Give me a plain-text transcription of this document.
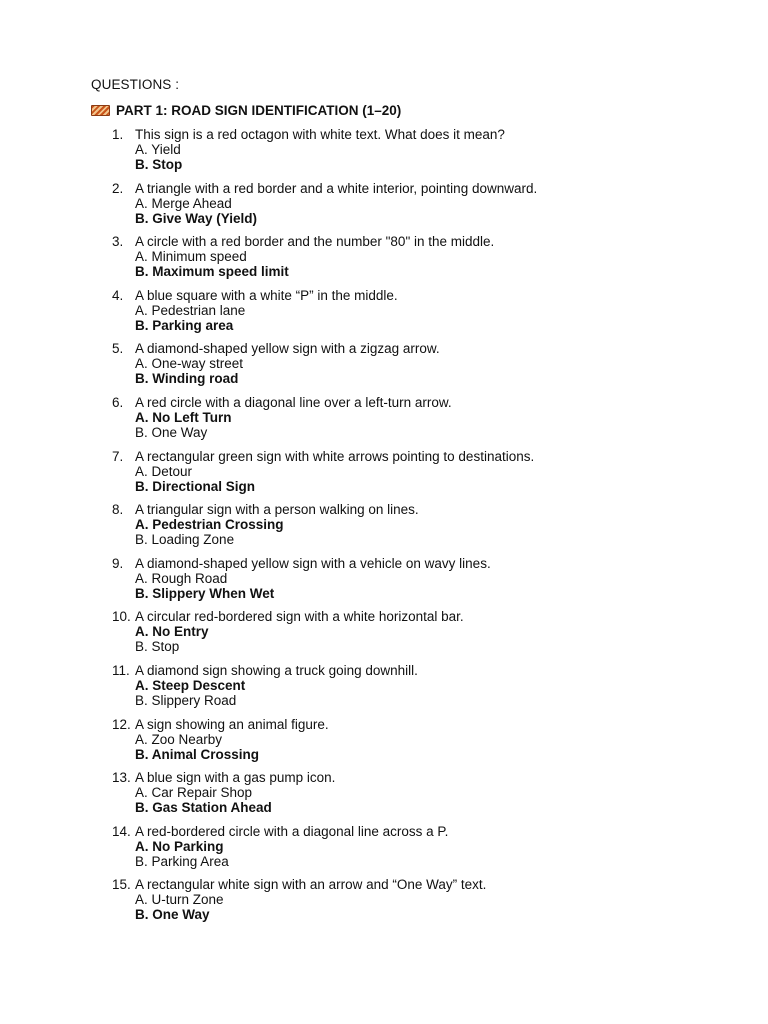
QUESTIONS :
PART 1: ROAD SIGN IDENTIFICATION (1–20)
1. This sign is a red octagon with white text. What does it mean?
A. Yield
B. Stop
2. A triangle with a red border and a white interior, pointing downward.
A. Merge Ahead
B. Give Way (Yield)
3. A circle with a red border and the number "80" in the middle.
A. Minimum speed
B. Maximum speed limit
4. A blue square with a white “P” in the middle.
A. Pedestrian lane
B. Parking area
5. A diamond-shaped yellow sign with a zigzag arrow.
A. One-way street
B. Winding road
6. A red circle with a diagonal line over a left-turn arrow.
A. No Left Turn
B. One Way
7. A rectangular green sign with white arrows pointing to destinations.
A. Detour
B. Directional Sign
8. A triangular sign with a person walking on lines.
A. Pedestrian Crossing
B. Loading Zone
9. A diamond-shaped yellow sign with a vehicle on wavy lines.
A. Rough Road
B. Slippery When Wet
10. A circular red-bordered sign with a white horizontal bar.
A. No Entry
B. Stop
11. A diamond sign showing a truck going downhill.
A. Steep Descent
B. Slippery Road
12. A sign showing an animal figure.
A. Zoo Nearby
B. Animal Crossing
13. A blue sign with a gas pump icon.
A. Car Repair Shop
B. Gas Station Ahead
14. A red-bordered circle with a diagonal line across a P.
A. No Parking
B. Parking Area
15. A rectangular white sign with an arrow and “One Way” text.
A. U-turn Zone
B. One Way
